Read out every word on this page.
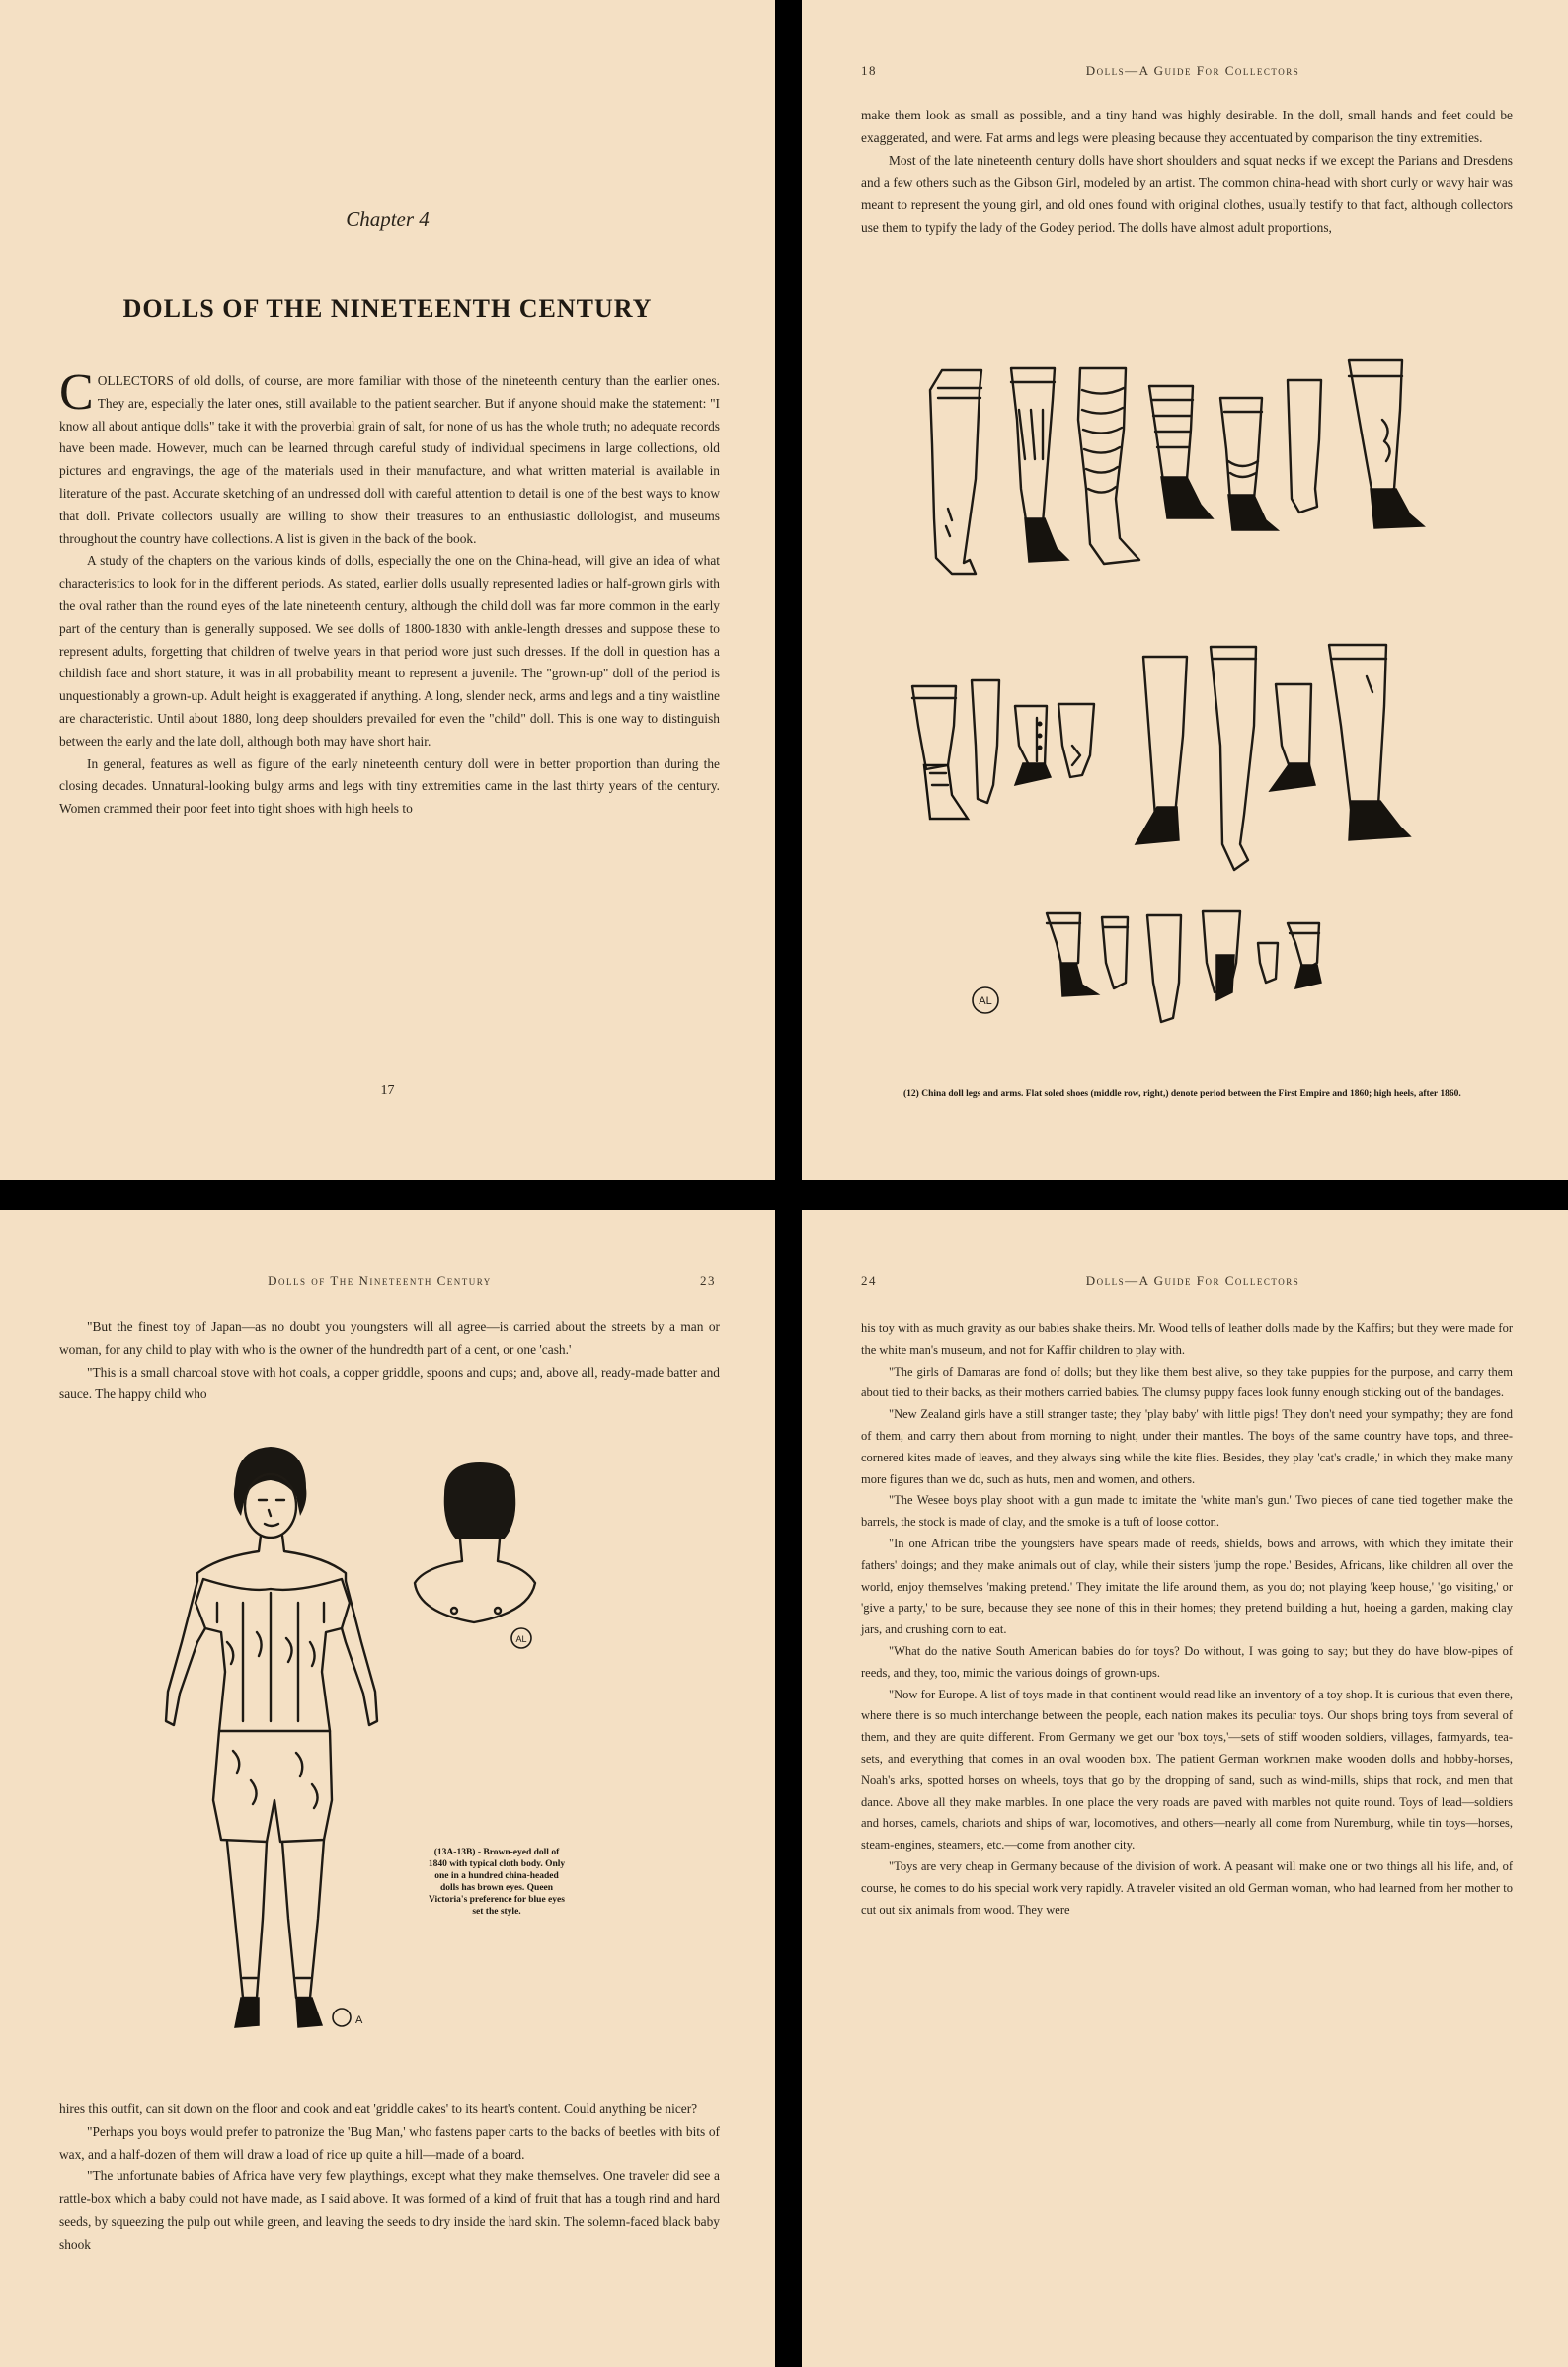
Chapter 4
DOLLS OF THE NINETEENTH CENTURY

COLLECTORS of old dolls, of course, are more familiar with those of the nineteenth century than the earlier ones. They are, especially the later ones, still available to the patient searcher. But if anyone should make the statement: "I know all about antique dolls" take it with the proverbial grain of salt, for none of us has the whole truth; no adequate records have been made. However, much can be learned through careful study of individual specimens in large collections, old pictures and engravings, the age of the materials used in their manufacture, and what written material is available in literature of the past. Accurate sketching of an undressed doll with careful attention to detail is one of the best ways to know that doll. Private collectors usually are willing to show their treasures to an enthusiastic dollologist, and museums throughout the country have collections. A list is given in the back of the book.

A study of the chapters on the various kinds of dolls, especially the one on the China-head, will give an idea of what characteristics to look for in the different periods. As stated, earlier dolls usually represented ladies or half-grown girls with the oval rather than the round eyes of the late nineteenth century, although the child doll was far more common in the early part of the century than is generally supposed. We see dolls of 1800-1830 with ankle-length dresses and suppose these to represent adults, forgetting that children of twelve years in that period wore just such dresses. If the doll in question has a childish face and short stature, it was in all probability meant to represent a juvenile. The "grown-up" doll of the period is unquestionably a grown-up. Adult height is exaggerated if anything. A long, slender neck, arms and legs and a tiny waistline are characteristic. Until about 1880, long deep shoulders prevailed for even the "child" doll. This is one way to distinguish between the early and the late doll, although both may have short hair.

In general, features as well as figure of the early nineteenth century doll were in better proportion than during the closing decades. Unnatural-looking bulgy arms and legs with tiny extremities came in the last thirty years of the century. Women crammed their poor feet into tight shoes with high heels to

17
18	Dolls—A Guide For Collectors

make them look as small as possible, and a tiny hand was highly desirable. In the doll, small hands and feet could be exaggerated, and were. Fat arms and legs were pleasing because they accentuated by comparison the tiny extremities.

Most of the late nineteenth century dolls have short shoulders and squat necks if we except the Parians and Dresdens and a few others such as the Gibson Girl, modeled by an artist. The common china-head with short curly or wavy hair was meant to represent the young girl, and old ones found with original clothes, usually testify to that fact, although collectors use them to typify the lady of the Godey period. The dolls have almost adult proportions,

AL
(12) China doll legs and arms. Flat soled shoes (middle row, right,) denote period between the First Empire and 1860; high heels, after 1860.
Dolls of The Nineteenth Century	23

"But the finest toy of Japan—as no doubt you youngsters will all agree—is carried about the streets by a man or woman, for any child to play with who is the owner of the hundredth part of a cent, or one 'cash.'

"This is a small charcoal stove with hot coals, a copper griddle, spoons and cups; and, above all, ready-made batter and sauce. The happy child who

AL
A
(13A-13B) - Brown-eyed doll of 1840 with typical cloth body. Only one in a hundred china-headed dolls has brown eyes. Queen Victoria's preference for blue eyes set the style.

hires this outfit, can sit down on the floor and cook and eat 'griddle cakes' to its heart's content. Could anything be nicer?

"Perhaps you boys would prefer to patronize the 'Bug Man,' who fastens paper carts to the backs of beetles with bits of wax, and a half-dozen of them will draw a load of rice up quite a hill—made of a board.

"The unfortunate babies of Africa have very few playthings, except what they make themselves. One traveler did see a rattle-box which a baby could not have made, as I said above. It was formed of a kind of fruit that has a tough rind and hard seeds, by squeezing the pulp out while green, and leaving the seeds to dry inside the hard skin. The solemn-faced black baby shook

24	Dolls—A Guide For Collectors

his toy with as much gravity as our babies shake theirs. Mr. Wood tells of leather dolls made by the Kaffirs; but they were made for the white man's museum, and not for Kaffir children to play with.

"The girls of Damaras are fond of dolls; but they like them best alive, so they take puppies for the purpose, and carry them about tied to their backs, as their mothers carried babies. The clumsy puppy faces look funny enough sticking out of the bandages.

"New Zealand girls have a still stranger taste; they 'play baby' with little pigs! They don't need your sympathy; they are fond of them, and carry them about from morning to night, under their mantles. The boys of the same country have tops, and three-cornered kites made of leaves, and they always sing while the kite flies. Besides, they play 'cat's cradle,' in which they make many more figures than we do, such as huts, men and women, and others.

"The Wesee boys play shoot with a gun made to imitate the 'white man's gun.' Two pieces of cane tied together make the barrels, the stock is made of clay, and the smoke is a tuft of loose cotton.

"In one African tribe the youngsters have spears made of reeds, shields, bows and arrows, with which they imitate their fathers' doings; and they make animals out of clay, while their sisters 'jump the rope.' Besides, Africans, like children all over the world, enjoy themselves 'making pretend.' They imitate the life around them, as you do; not playing 'keep house,' 'go visiting,' or 'give a party,' to be sure, because they see none of this in their homes; they pretend building a hut, hoeing a garden, making clay jars, and crushing corn to eat.

"What do the native South American babies do for toys? Do without, I was going to say; but they do have blow-pipes of reeds, and they, too, mimic the various doings of grown-ups.

"Now for Europe. A list of toys made in that continent would read like an inventory of a toy shop. It is curious that even there, where there is so much interchange between the people, each nation makes its peculiar toys. Our shops bring toys from several of them, and they are quite different. From Germany we get our 'box toys,'—sets of stiff wooden soldiers, villages, farmyards, tea-sets, and everything that comes in an oval wooden box. The patient German workmen make wooden dolls and hobby-horses, Noah's arks, spotted horses on wheels, toys that go by the dropping of sand, such as wind-mills, ships that rock, and men that dance. Above all they make marbles. In one place the very roads are paved with marbles not quite round. Toys of lead—soldiers and horses, camels, chariots and ships of war, locomotives, and others—nearly all come from Nuremburg, while tin toys—horses, steam-engines, steamers, etc.—come from another city.

"Toys are very cheap in Germany because of the division of work. A peasant will make one or two things all his life, and, of course, he comes to do his special work very rapidly. A traveler visited an old German woman, who had learned from her mother to cut out six animals from wood. They were
